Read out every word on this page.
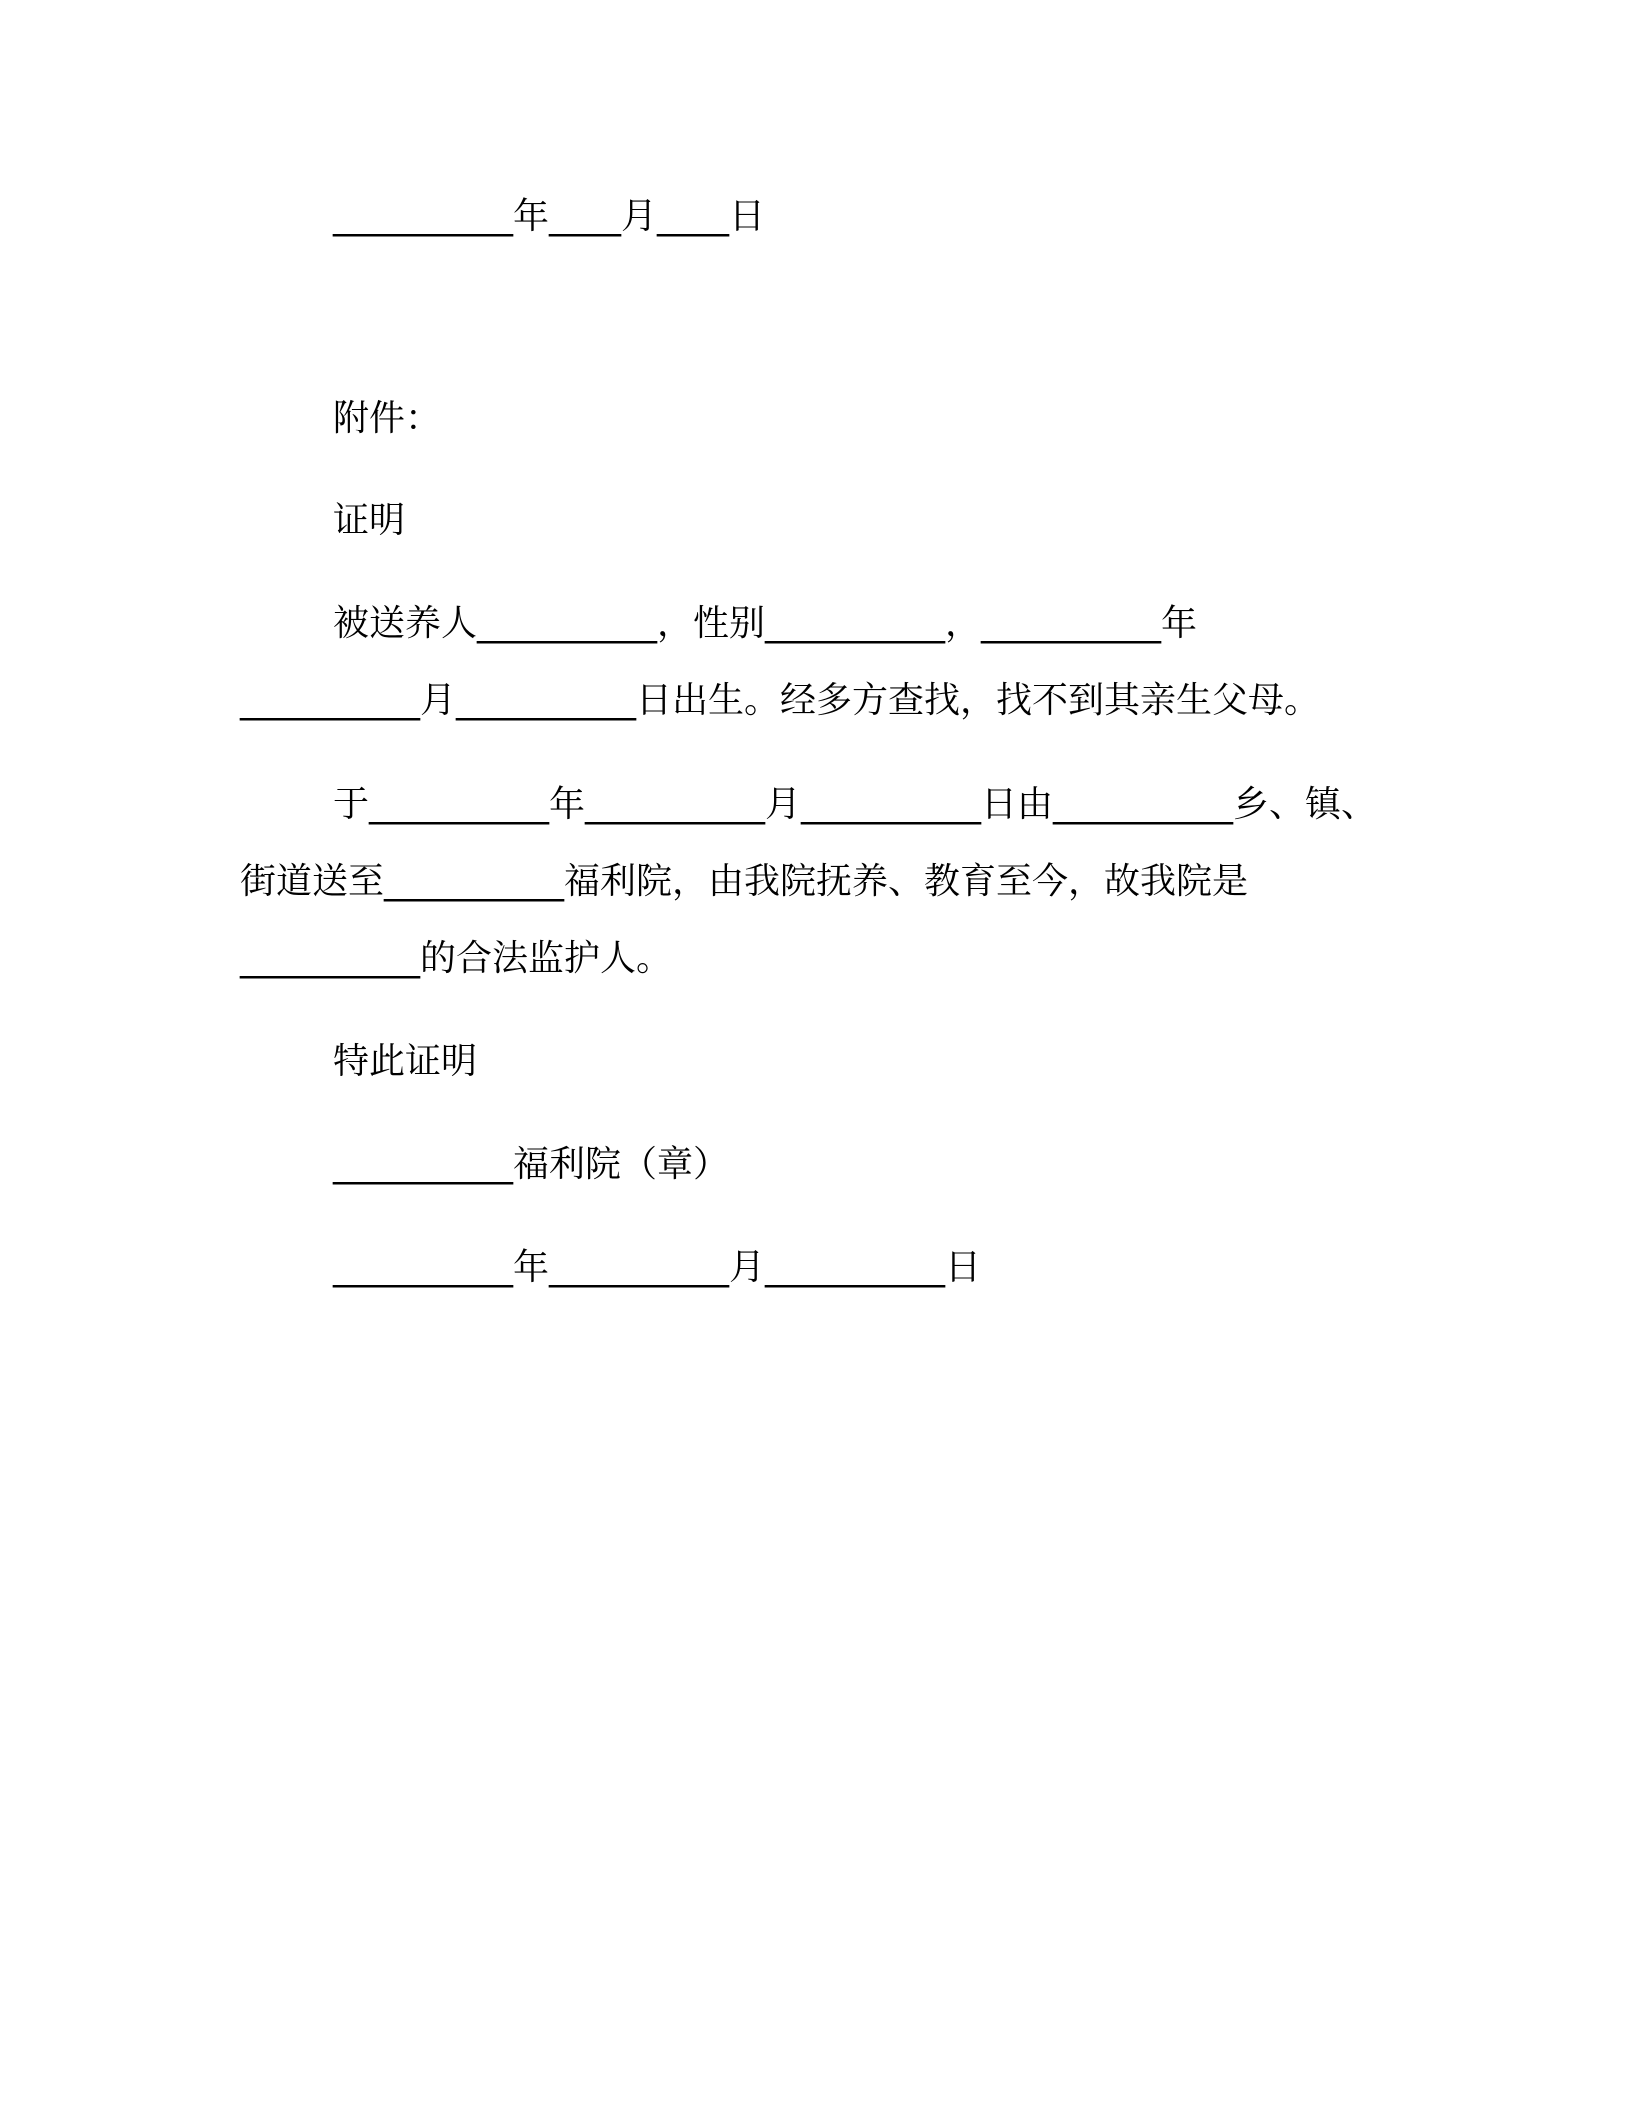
__________年____月____日
附件：
证明
被送养人__________，性别__________，__________年
__________月__________日出生。经多方查找，找不到其亲生父母。
于__________年__________月__________日由__________乡、镇、
街道送至__________福利院，由我院抚养、教育至今，故我院是
__________的合法监护人。
特此证明
__________福利院（章）
__________年__________月__________日
